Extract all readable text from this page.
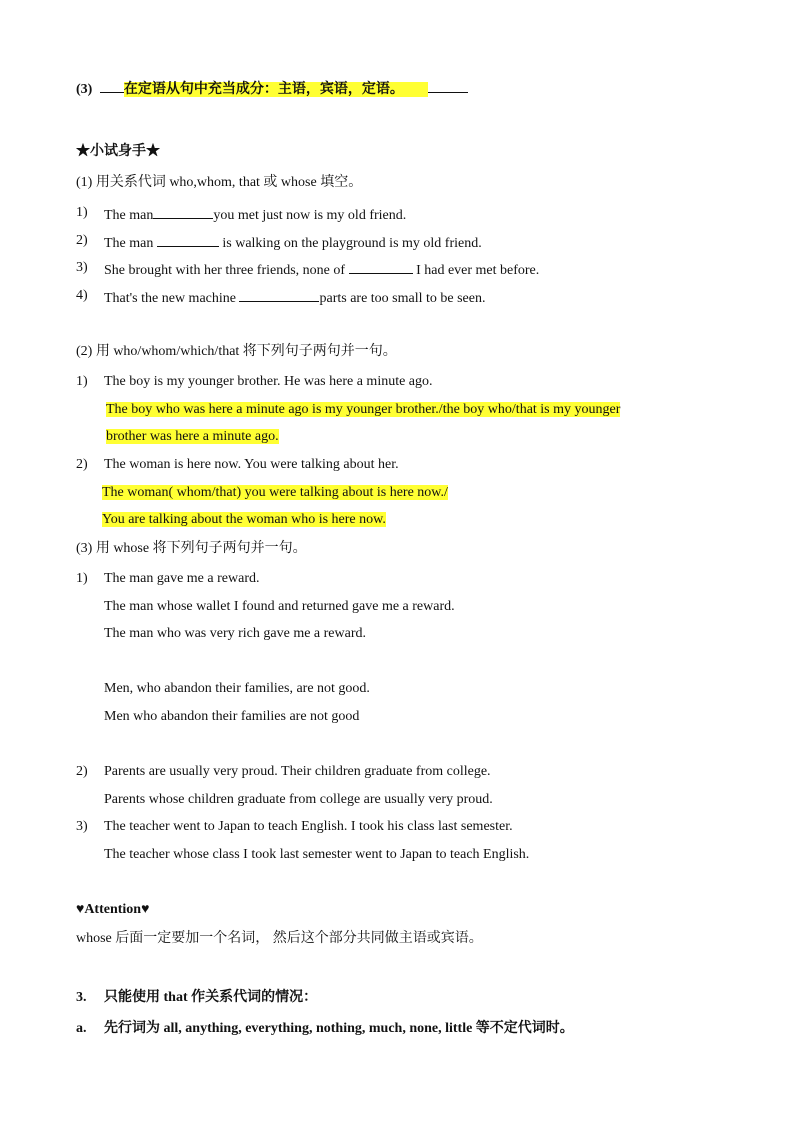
(3) 在定语从句中充当成分：主语，宾语，定语。
★小试身手★
(1) 用关系代词 who,whom, that 或 whose 填空。
1) The man	you met just now is my old friend.
2) The man	is walking on the playground is my old friend.
3) She brought with her three friends, none of	I had ever met before.
4) That's the new machine	parts are too small to be seen.
(2) 用 who/whom/which/that 将下列句子两句并一句。
1) The boy is my younger brother. He was here a minute ago.
The boy who was here a minute ago is my younger brother./the boy who/that is my younger
brother was here a minute ago.
2) The woman is here now. You were talking about her.
The woman( whom/that) you were talking about is here now./
You are talking about the woman who is here now.
(3) 用 whose 将下列句子两句并一句。
1) The man gave me a reward.
The man whose wallet I found and returned gave me a reward.
The man who was very rich gave me a reward.
Men, who abandon their families, are not good.
Men who abandon their families are not good
2) Parents are usually very proud. Their children graduate from college.
Parents whose children graduate from college are usually very proud.
3) The teacher went to Japan to teach English. I took his class last semester.
The teacher whose class I took last semester went to Japan to teach English.
♥Attention♥
whose 后面一定要加一个名词， 然后这个部分共同做主语或宾语。
3. 只能使用 that 作关系代词的情况：
a. 先行词为 all, anything, everything, nothing, much, none, little 等不定代词时。
